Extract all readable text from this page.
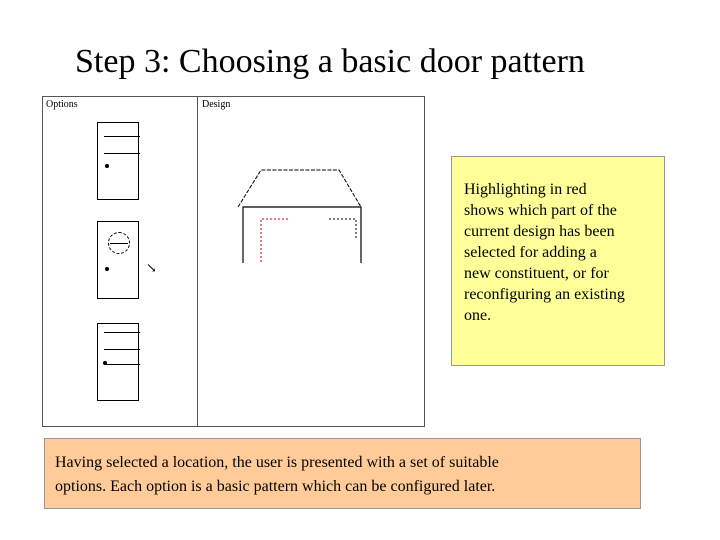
Step 3: Choosing a basic door pattern
Options	Design
↘
Highlighting in red
shows which part of the
current design has been
selected for adding a
new constituent, or for
reconfiguring an existing
one.
Having selected a location, the user is presented with a set of suitable
options. Each option is a basic pattern which can be configured later.
